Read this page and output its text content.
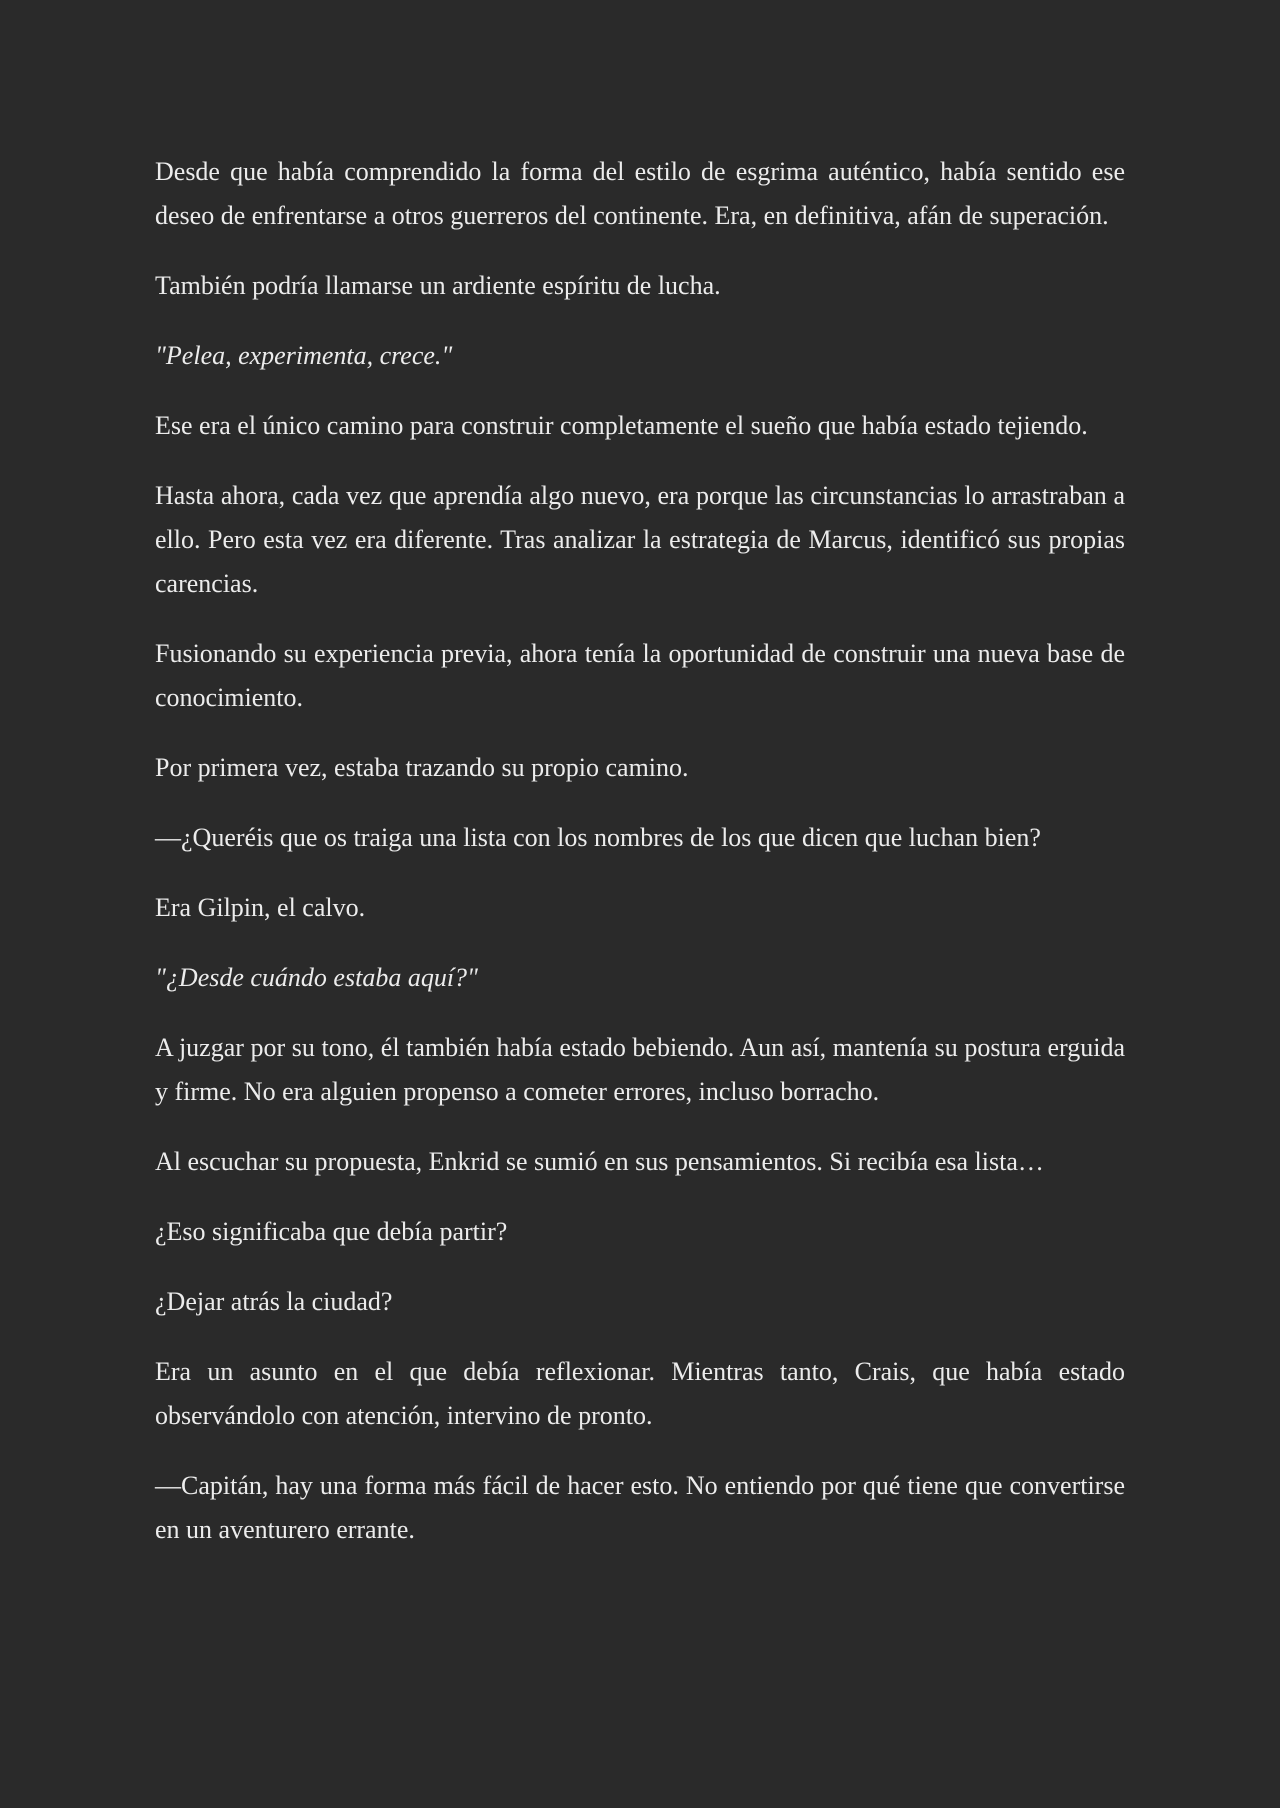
Desde que había comprendido la forma del estilo de esgrima auténtico, había sentido ese deseo de enfrentarse a otros guerreros del continente. Era, en definitiva, afán de superación.

También podría llamarse un ardiente espíritu de lucha.

"Pelea, experimenta, crece."

Ese era el único camino para construir completamente el sueño que había estado tejiendo.

Hasta ahora, cada vez que aprendía algo nuevo, era porque las circunstancias lo arrastraban a ello. Pero esta vez era diferente. Tras analizar la estrategia de Marcus, identificó sus propias carencias.

Fusionando su experiencia previa, ahora tenía la oportunidad de construir una nueva base de conocimiento.

Por primera vez, estaba trazando su propio camino.

—¿Queréis que os traiga una lista con los nombres de los que dicen que luchan bien?

Era Gilpin, el calvo.

"¿Desde cuándo estaba aquí?"

A juzgar por su tono, él también había estado bebiendo. Aun así, mantenía su postura erguida y firme. No era alguien propenso a cometer errores, incluso borracho.

Al escuchar su propuesta, Enkrid se sumió en sus pensamientos. Si recibía esa lista…

¿Eso significaba que debía partir?

¿Dejar atrás la ciudad?

Era un asunto en el que debía reflexionar. Mientras tanto, Crais, que había estado observándolo con atención, intervino de pronto.

—Capitán, hay una forma más fácil de hacer esto. No entiendo por qué tiene que convertirse en un aventurero errante.
